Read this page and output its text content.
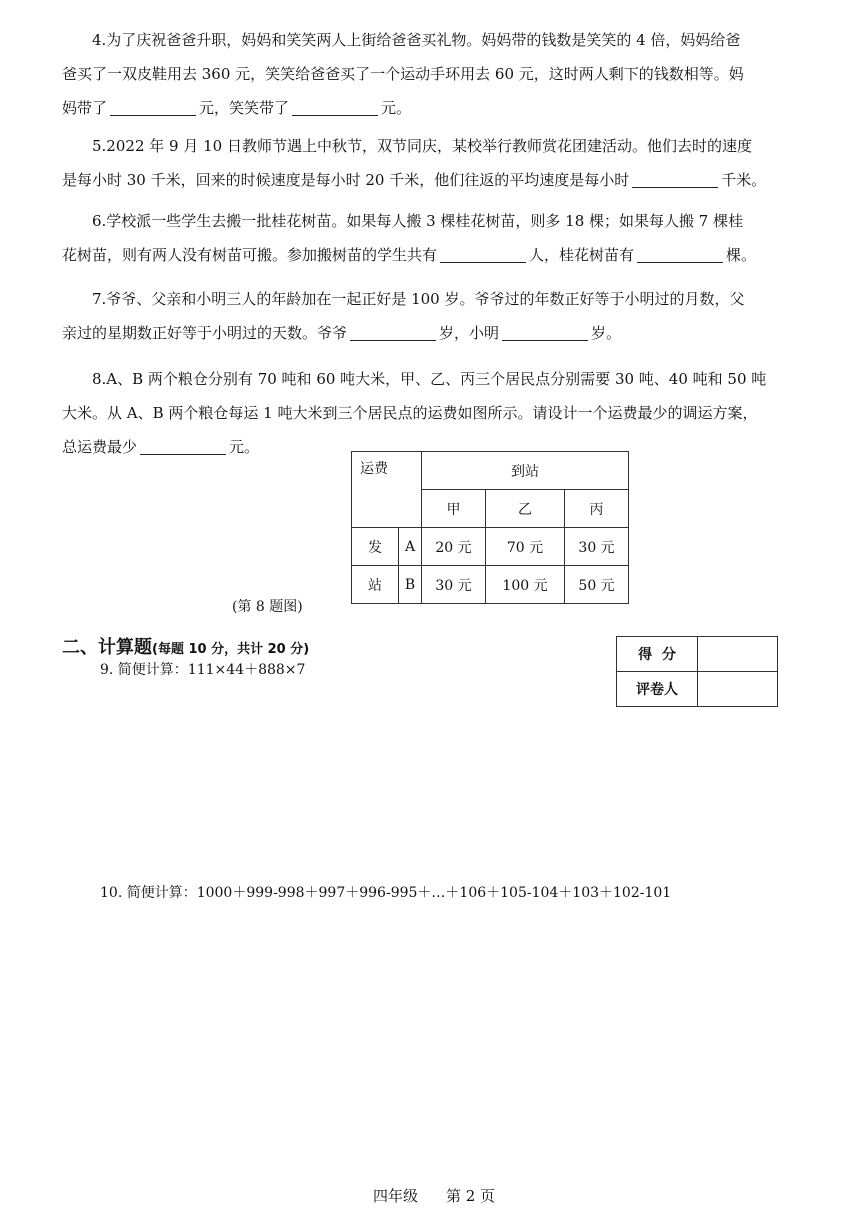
4.为了庆祝爸爸升职，妈妈和笑笑两人上街给爸爸买礼物。妈妈带的钱数是笑笑的 4 倍，妈妈给爸

爸买了一双皮鞋用去 360 元，笑笑给爸爸买了一个运动手环用去 60 元，这时两人剩下的钱数相等。妈

妈带了	元，笑笑带了	元。

5.2022 年 9 月 10 日教师节遇上中秋节，双节同庆，某校举行教师赏花团建活动。他们去时的速度

是每小时 30 千米，回来的时候速度是每小时 20 千米，他们往返的平均速度是每小时	千米。

6.学校派一些学生去搬一批桂花树苗。如果每人搬 3 棵桂花树苗，则多 18 棵；如果每人搬 7 棵桂

花树苗，则有两人没有树苗可搬。参加搬树苗的学生共有	人，桂花树苗有	棵。

7.爷爷、父亲和小明三人的年龄加在一起正好是 100 岁。爷爷过的年数正好等于小明过的月数，父

亲过的星期数正好等于小明过的天数。爷爷	岁，小明	岁。

8.A、B 两个粮仓分别有 70 吨和 60 吨大米，甲、乙、丙三个居民点分别需要 30 吨、40 吨和 50 吨

大米。从 A、B 两个粮仓每运 1 吨大米到三个居民点的运费如图所示。请设计一个运费最少的调运方案，

总运费最少	元。

运费		到站		
		甲	乙	丙
发	A	20 元	70 元	30 元
站	B	30 元	100 元	50 元
(第 8 题图)
二、计算题(每题 10 分，共计 20 分)	得  分	
评卷人	
9. 简便计算：111×44＋888×7
10. 简便计算：1000＋999-998＋997＋996-995＋…＋106＋105-104＋103＋102-101
四年级 第 2 页
